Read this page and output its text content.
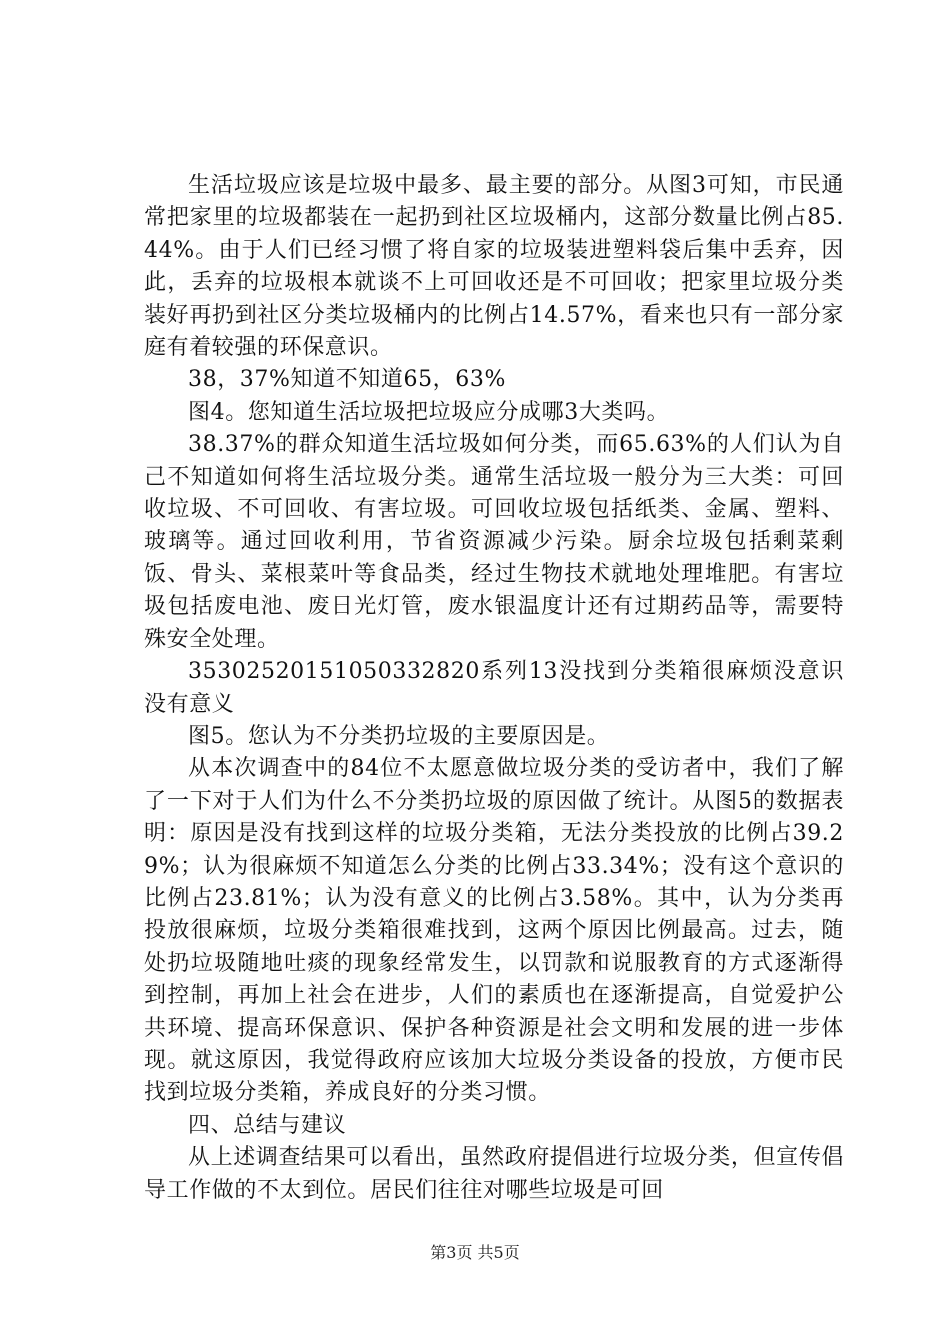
生活垃圾应该是垃圾中最多、最主要的部分。从图3可知，市民通常把家里的垃圾都装在一起扔到社区垃圾桶内，这部分数量比例占85.44%。由于人们已经习惯了将自家的垃圾装进塑料袋后集中丢弃，因此，丢弃的垃圾根本就谈不上可回收还是不可回收；把家里垃圾分类装好再扔到社区分类垃圾桶内的比例占14.57%，看来也只有一部分家庭有着较强的环保意识。

38，37%知道不知道65，63%

图4。您知道生活垃圾把垃圾应分成哪3大类吗。

38.37%的群众知道生活垃圾如何分类，而65.63%的人们认为自己不知道如何将生活垃圾分类。通常生活垃圾一般分为三大类：可回收垃圾、不可回收、有害垃圾。可回收垃圾包括纸类、金属、塑料、玻璃等。通过回收利用，节省资源减少污染。厨余垃圾包括剩菜剩饭、骨头、菜根菜叶等食品类，经过生物技术就地处理堆肥。有害垃圾包括废电池、废日光灯管，废水银温度计还有过期药品等，需要特殊安全处理。

3530252015105033282​0系列13没找到分类箱很麻烦没意识没有意义

图5。您认为不分类扔垃圾的主要原因是。

从本次调查中的84位不太愿意做垃圾分类的受访者中，我们了解了一下对于人们为什么不分类扔垃圾的原因做了统计。从图5的数据表明：原因是没有找到这样的垃圾分类箱，无法分类投放的比例占39.29%；认为很麻烦不知道怎么分类的比例占33.34%；没有这个意识的比例占23.81%；认为没有意义的比例占3.58%。其中，认为分类再投放很麻烦，垃圾分类箱很难找到，这两个原因比例最高。过去，随处扔垃圾随地吐痰的现象经常发生，以罚款和说服教育的方式逐渐得到控制，再加上社会在进步，人们的素质也在逐渐提高，自觉爱护公共环境、提高环保意识、保护各种资源是社会文明和发展的进一步体现。就这原因，我觉得政府应该加大垃圾分类设备的投放，方便市民找到垃圾分类箱，养成良好的分类习惯。

四、总结与建议

从上述调查结果可以看出，虽然政府提倡进行垃圾分类，但宣传倡导工作做的不太到位。居民们往往对哪些垃圾是可回

第3页 共5页
